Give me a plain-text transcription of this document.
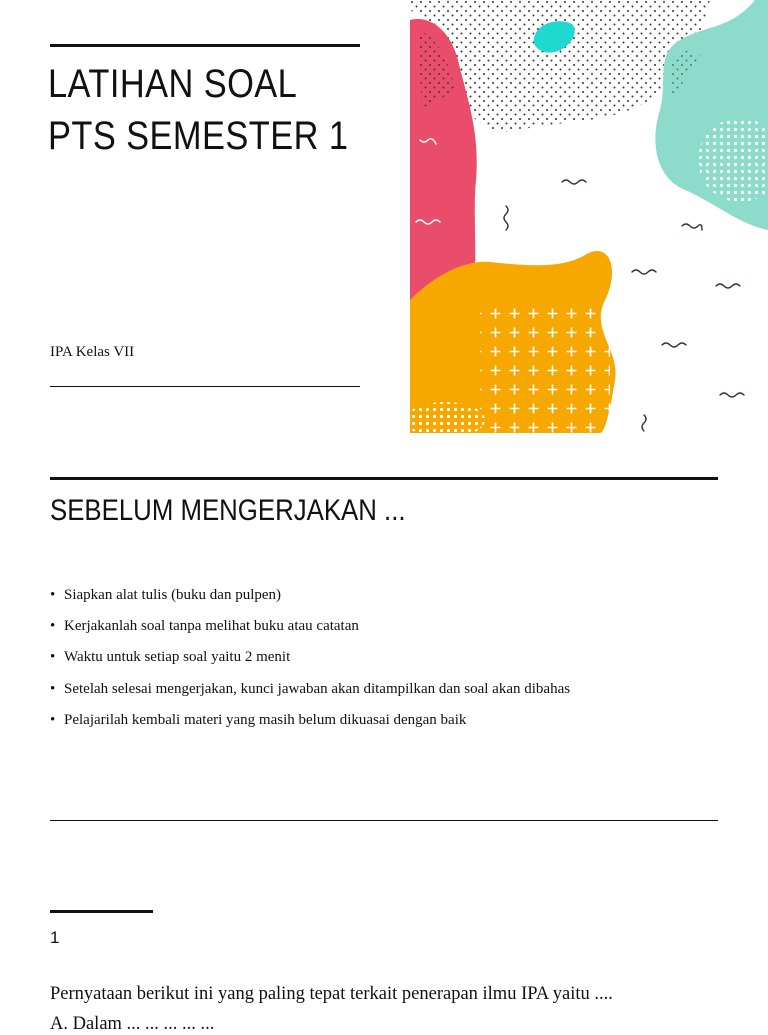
LATIHAN SOAL
PTS SEMESTER 1
IPA Kelas VII
SEBELUM MENGERJAKAN ...
• Siapkan alat tulis (buku dan pulpen)
• Kerjakanlah soal tanpa melihat buku atau catatan
• Waktu untuk setiap soal yaitu 2 menit
• Setelah selesai mengerjakan, kunci jawaban akan ditampilkan dan soal akan dibahas
• Pelajarilah kembali materi yang masih belum dikuasai dengan baik
1
Pernyataan berikut ini yang paling tepat terkait penerapan ilmu IPA yaitu ....
A. Dalam ... ... ... ... ...
